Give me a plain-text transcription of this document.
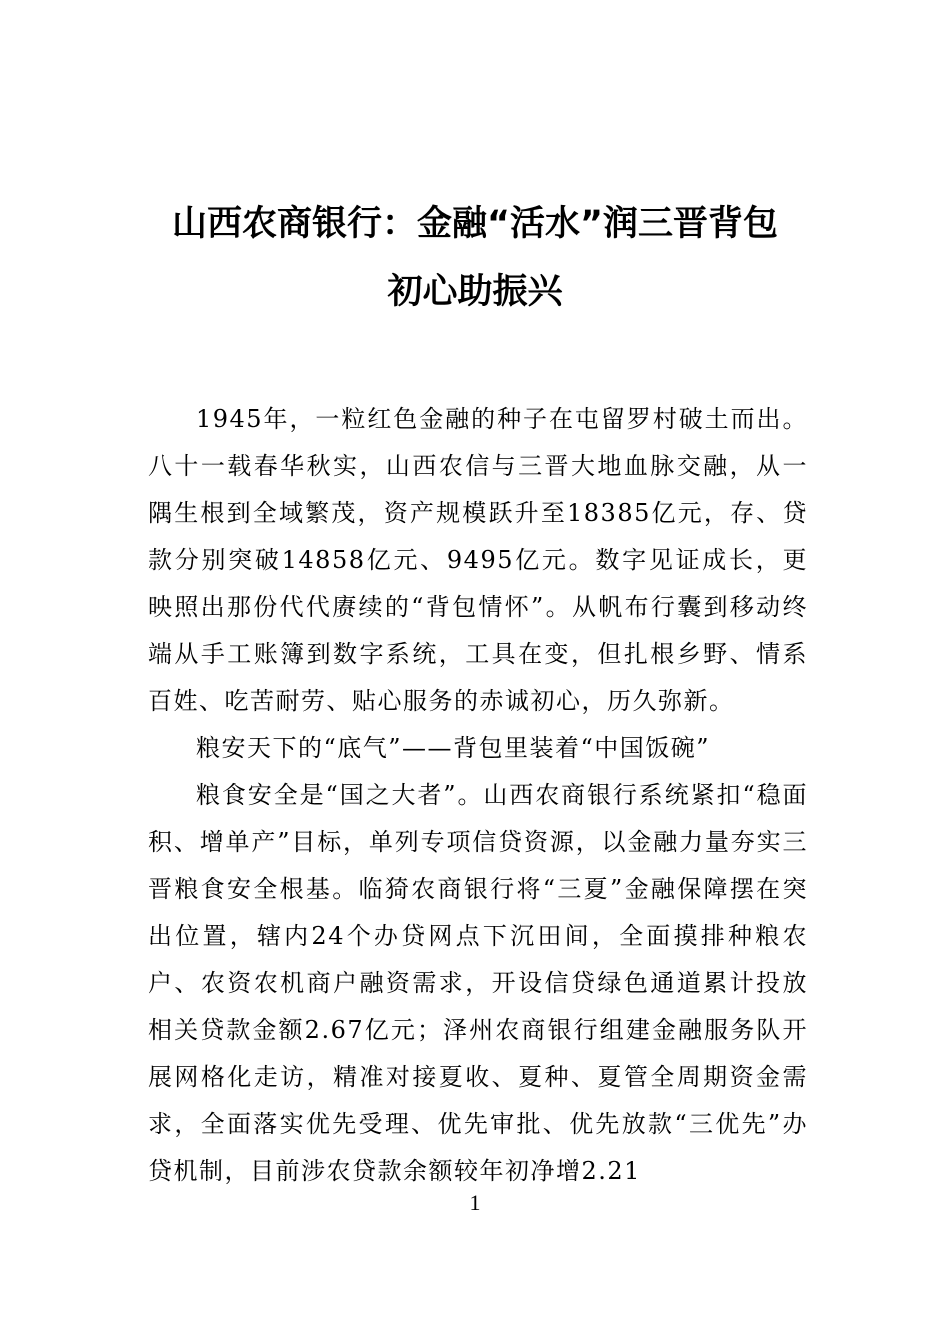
山西农商银行：金融“活水”润三晋背包
初心助振兴

1945年，一粒红色金融的种子在屯留罗村破土而出。八十一载春华秋实，山西农信与三晋大地血脉交融，从一隅生根到全域繁茂，资产规模跃升至18385亿元，存、贷款分别突破14858亿元、9495亿元。数字见证成长，更映照出那份代代赓续的“背包情怀”。从帆布行囊到移动终端从手工账簿到数字系统，工具在变，但扎根乡野、情系百姓、吃苦耐劳、贴心服务的赤诚初心，历久弥新。

粮安天下的“底气”——背包里装着“中国饭碗”

粮食安全是“国之大者”。山西农商银行系统紧扣“稳面积、增单产”目标，单列专项信贷资源，以金融力量夯实三晋粮食安全根基。临猗农商银行将“三夏”金融保障摆在突出位置，辖内24个办贷网点下沉田间，全面摸排种粮农户、农资农机商户融资需求，开设信贷绿色通道累计投放相关贷款金额2.67亿元；泽州农商银行组建金融服务队开展网格化走访，精准对接夏收、夏种、夏管全周期资金需求，全面落实优先受理、优先审批、优先放款“三优先”办贷机制，目前涉农贷款余额较年初净增2.21

1
